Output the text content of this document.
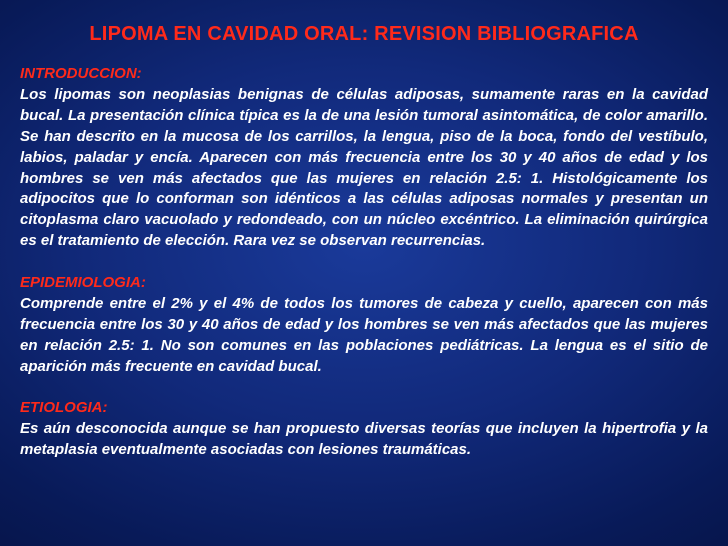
LIPOMA EN CAVIDAD ORAL: REVISION BIBLIOGRAFICA
INTRODUCCION:
Los lipomas son neoplasias benignas de células adiposas, sumamente raras en la cavidad bucal. La presentación clínica típica es la de una lesión tumoral asintomática, de color amarillo. Se han descrito en la mucosa de los carrillos, la lengua, piso de la boca, fondo del vestíbulo, labios, paladar y encía. Aparecen con más frecuencia entre los 30 y 40 años de edad y los hombres se ven más afectados que las mujeres en relación 2.5: 1. Histológicamente los adipocitos que lo conforman son idénticos a las células adiposas normales y presentan un citoplasma claro vacuolado y redondeado, con un núcleo excéntrico. La eliminación quirúrgica es el tratamiento de elección. Rara vez se observan recurrencias.
EPIDEMIOLOGIA:
Comprende entre el 2% y el 4% de todos los tumores de cabeza y cuello, aparecen con más frecuencia entre los 30 y 40 años de edad y los hombres se ven más afectados que las mujeres en relación 2.5: 1. No son comunes en las poblaciones pediátricas. La lengua es el sitio de aparición más frecuente en cavidad bucal.
ETIOLOGIA:
Es aún desconocida aunque se han propuesto diversas teorías que incluyen la hipertrofia y la metaplasia eventualmente asociadas con lesiones traumáticas.
